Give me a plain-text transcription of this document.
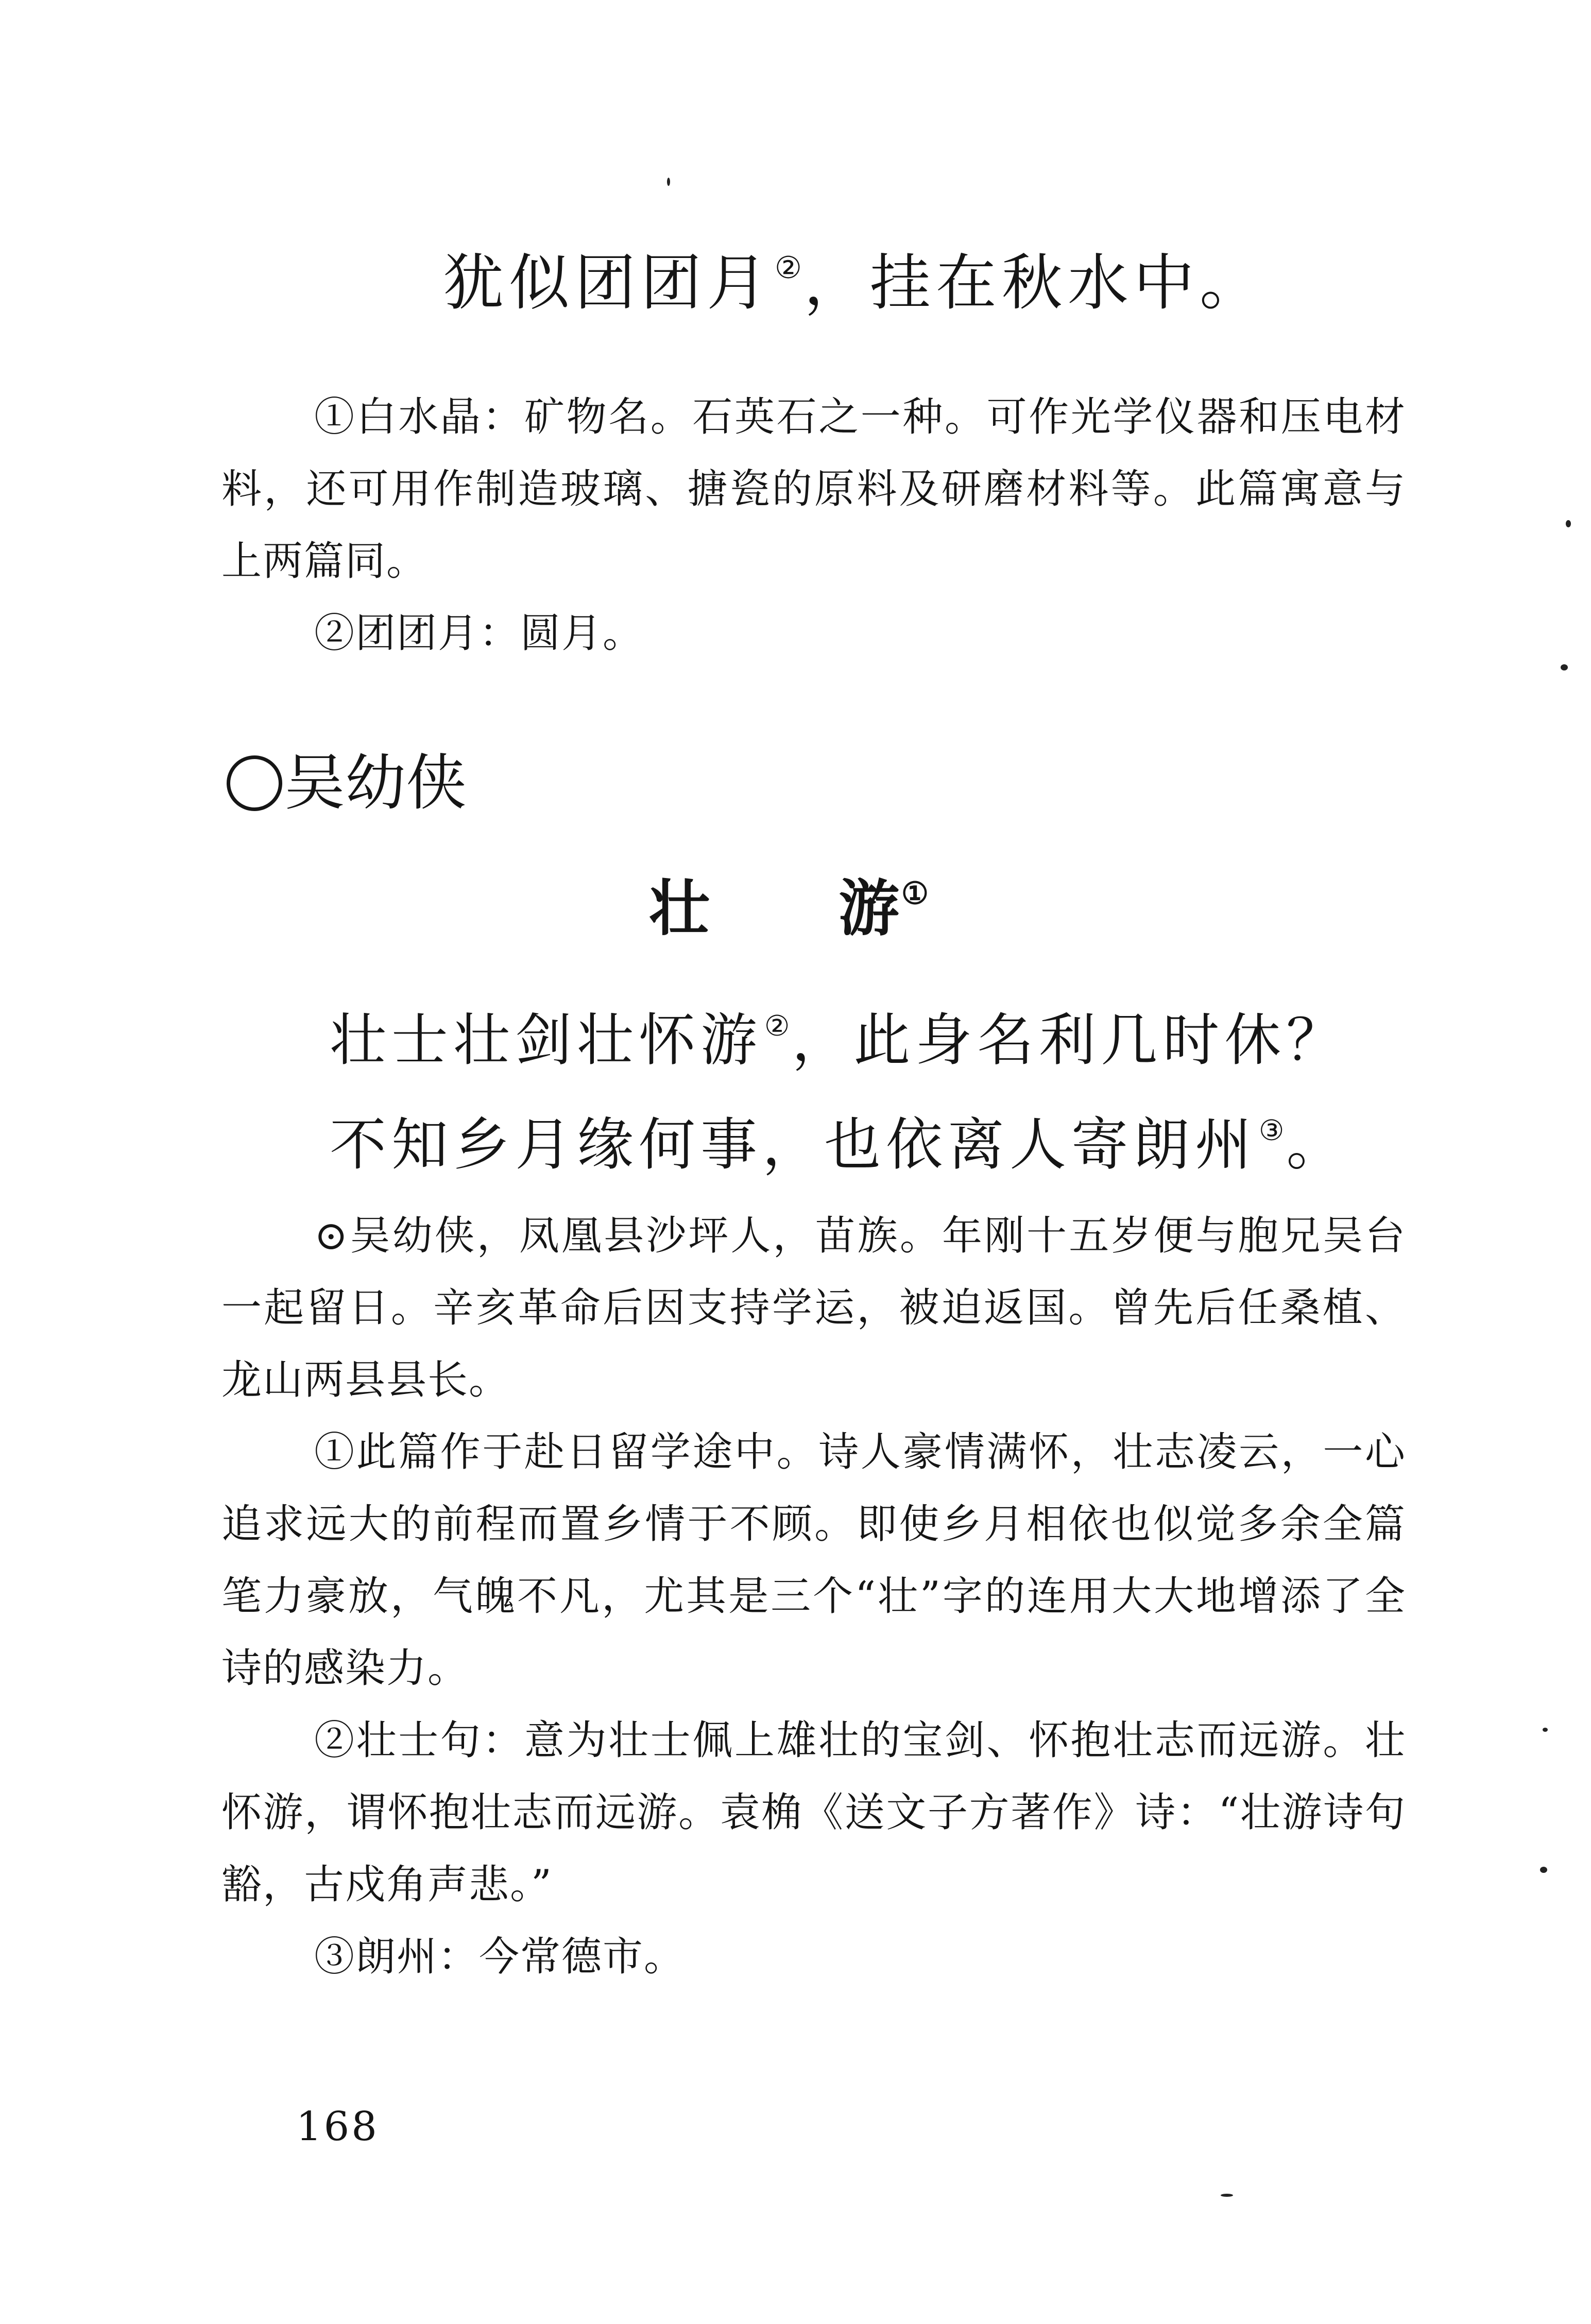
犹似团团月②，挂在秋水中。

①白水晶：矿物名。石英石之一种。可作光学仪器和压电材料，还可用作制造玻璃、搪瓷的原料及研磨材料等。此篇寓意与上两篇同。

②团团月：圆月。

吴幼侠
壮 游①

壮士壮剑壮怀游②，此身名利几时休？

不知乡月缘何事，也依离人寄朗州③。

⊙吴幼侠，凤凰县沙坪人，苗族。年刚十五岁便与胞兄吴台一起留日。辛亥革命后因支持学运，被迫返国。曾先后任桑植、龙山两县县长。

①此篇作于赴日留学途中。诗人豪情满怀，壮志凌云，一心追求远大的前程而置乡情于不顾。即使乡月相依也似觉多余全篇笔力豪放，气魄不凡，尤其是三个“壮”字的连用大大地增添了全诗的感染力。

②壮士句：意为壮士佩上雄壮的宝剑、怀抱壮志而远游。壮怀游，谓怀抱壮志而远游。袁桷《送文子方著作》诗：“壮游诗句豁，古戍角声悲。”

③朗州：今常德市。

168
